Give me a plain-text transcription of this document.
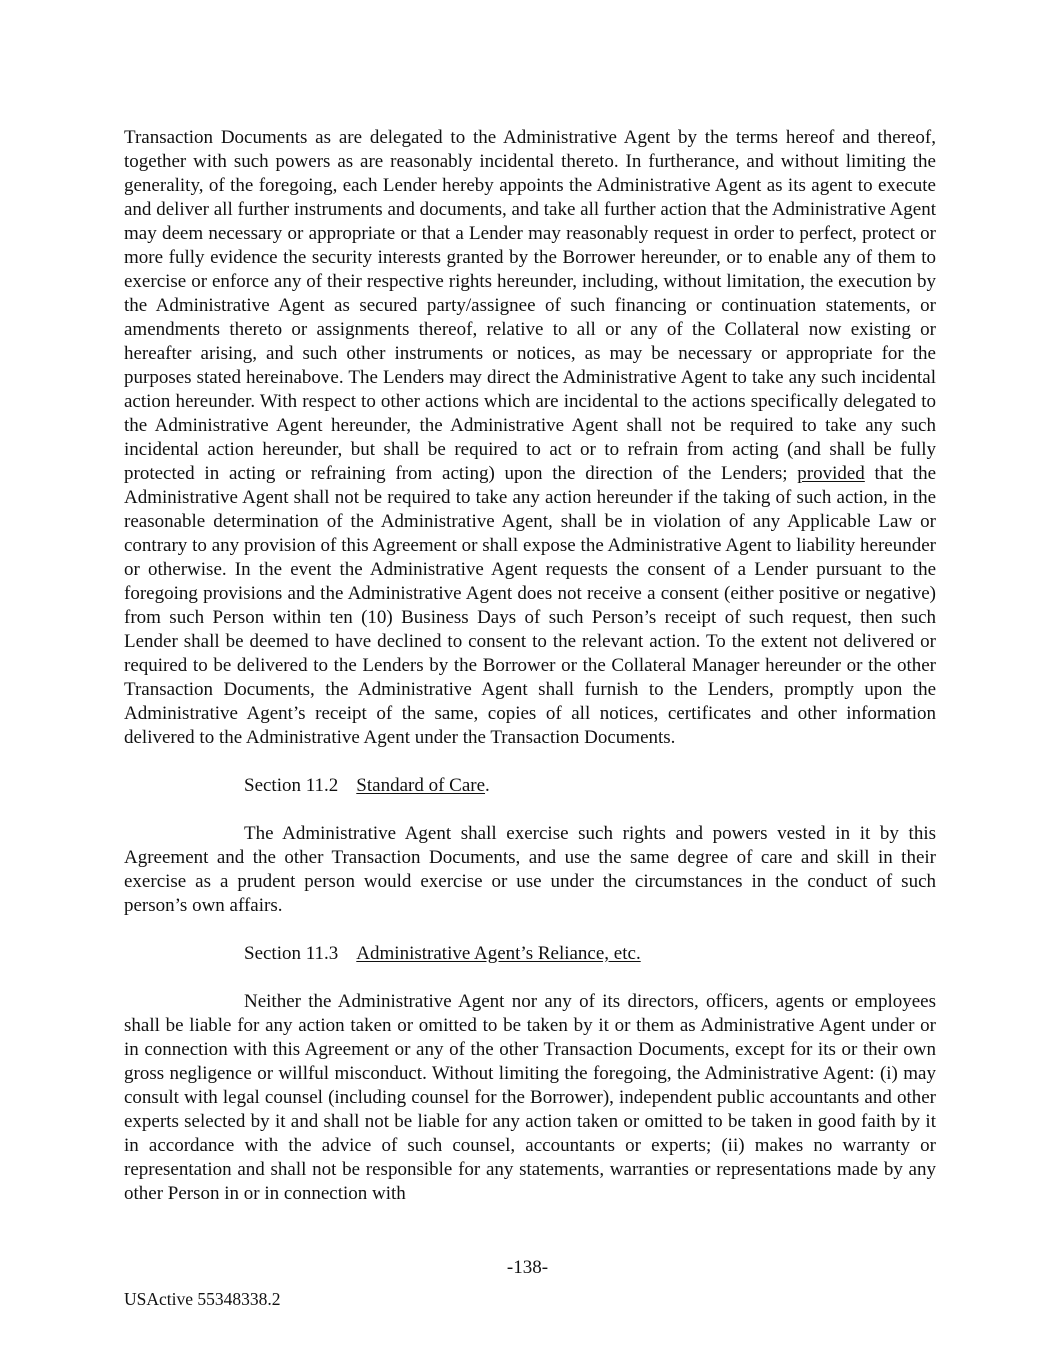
Transaction Documents as are delegated to the Administrative Agent by the terms hereof and thereof, together with such powers as are reasonably incidental thereto. In furtherance, and without limiting the generality, of the foregoing, each Lender hereby appoints the Administrative Agent as its agent to execute and deliver all further instruments and documents, and take all further action that the Administrative Agent may deem necessary or appropriate or that a Lender may reasonably request in order to perfect, protect or more fully evidence the security interests granted by the Borrower hereunder, or to enable any of them to exercise or enforce any of their respective rights hereunder, including, without limitation, the execution by the Administrative Agent as secured party/assignee of such financing or continuation statements, or amendments thereto or assignments thereof, relative to all or any of the Collateral now existing or hereafter arising, and such other instruments or notices, as may be necessary or appropriate for the purposes stated hereinabove. The Lenders may direct the Administrative Agent to take any such incidental action hereunder. With respect to other actions which are incidental to the actions specifically delegated to the Administrative Agent hereunder, the Administrative Agent shall not be required to take any such incidental action hereunder, but shall be required to act or to refrain from acting (and shall be fully protected in acting or refraining from acting) upon the direction of the Lenders; provided that the Administrative Agent shall not be required to take any action hereunder if the taking of such action, in the reasonable determination of the Administrative Agent, shall be in violation of any Applicable Law or contrary to any provision of this Agreement or shall expose the Administrative Agent to liability hereunder or otherwise. In the event the Administrative Agent requests the consent of a Lender pursuant to the foregoing provisions and the Administrative Agent does not receive a consent (either positive or negative) from such Person within ten (10) Business Days of such Person’s receipt of such request, then such Lender shall be deemed to have declined to consent to the relevant action. To the extent not delivered or required to be delivered to the Lenders by the Borrower or the Collateral Manager hereunder or the other Transaction Documents, the Administrative Agent shall furnish to the Lenders, promptly upon the Administrative Agent’s receipt of the same, copies of all notices, certificates and other information delivered to the Administrative Agent under the Transaction Documents.

Section 11.2 Standard of Care.

The Administrative Agent shall exercise such rights and powers vested in it by this Agreement and the other Transaction Documents, and use the same degree of care and skill in their exercise as a prudent person would exercise or use under the circumstances in the conduct of such person’s own affairs.

Section 11.3 Administrative Agent’s Reliance, etc.

Neither the Administrative Agent nor any of its directors, officers, agents or employees shall be liable for any action taken or omitted to be taken by it or them as Administrative Agent under or in connection with this Agreement or any of the other Transaction Documents, except for its or their own gross negligence or willful misconduct. Without limiting the foregoing, the Administrative Agent: (i) may consult with legal counsel (including counsel for the Borrower), independent public accountants and other experts selected by it and shall not be liable for any action taken or omitted to be taken in good faith by it in accordance with the advice of such counsel, accountants or experts; (ii) makes no warranty or representation and shall not be responsible for any statements, warranties or representations made by any other Person in or in connection with

-138-
USActive 55348338.2
